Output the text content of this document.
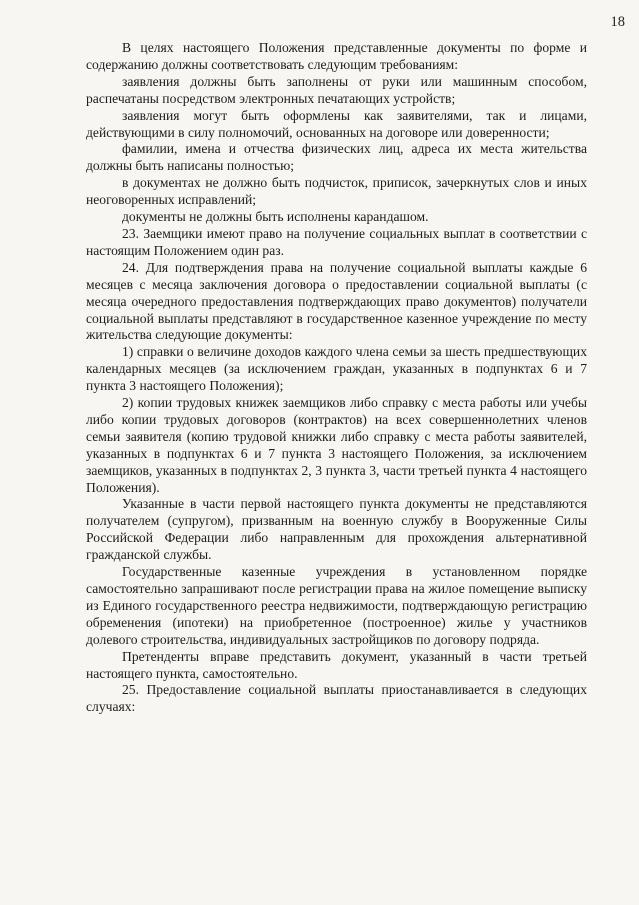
18

В целях настоящего Положения представленные документы по форме и содержанию должны соответствовать следующим требованиям:

заявления должны быть заполнены от руки или машинным способом, распечатаны посредством электронных печатающих устройств;

заявления могут быть оформлены как заявителями, так и лицами, действующими в силу полномочий, основанных на договоре или доверенности;

фамилии, имена и отчества физических лиц, адреса их места жительства должны быть написаны полностью;

в документах не должно быть подчисток, приписок, зачеркнутых слов и иных неоговоренных исправлений;

документы не должны быть исполнены карандашом.

23. Заемщики имеют право на получение социальных выплат в соответствии с настоящим Положением один раз.

24. Для подтверждения права на получение социальной выплаты каждые 6 месяцев с месяца заключения договора о предоставлении социальной выплаты (с месяца очередного предоставления подтверждающих право документов) получатели социальной выплаты представляют в государственное казенное учреждение по месту жительства следующие документы:

1) справки о величине доходов каждого члена семьи за шесть предшествующих календарных месяцев (за исключением граждан, указанных в подпунктах 6 и 7 пункта 3 настоящего Положения);

2) копии трудовых книжек заемщиков либо справку с места работы или учебы либо копии трудовых договоров (контрактов) на всех совершеннолетних членов семьи заявителя (копию трудовой книжки либо справку с места работы заявителей, указанных в подпунктах 6 и 7 пункта 3 настоящего Положения, за исключением заемщиков, указанных в подпунктах 2, 3 пункта 3, части третьей пункта 4 настоящего Положения).

Указанные в части первой настоящего пункта документы не представляются получателем (супругом), призванным на военную службу в Вооруженные Силы Российской Федерации либо направленным для прохождения альтернативной гражданской службы.

Государственные казенные учреждения в установленном порядке самостоятельно запрашивают после регистрации права на жилое помещение выписку из Единого государственного реестра недвижимости, подтверждающую регистрацию обременения (ипотеки) на приобретенное (построенное) жилье у участников долевого строительства, индивидуальных застройщиков по договору подряда.

Претенденты вправе представить документ, указанный в части третьей настоящего пункта, самостоятельно.

25. Предоставление социальной выплаты приостанавливается в следующих случаях:
